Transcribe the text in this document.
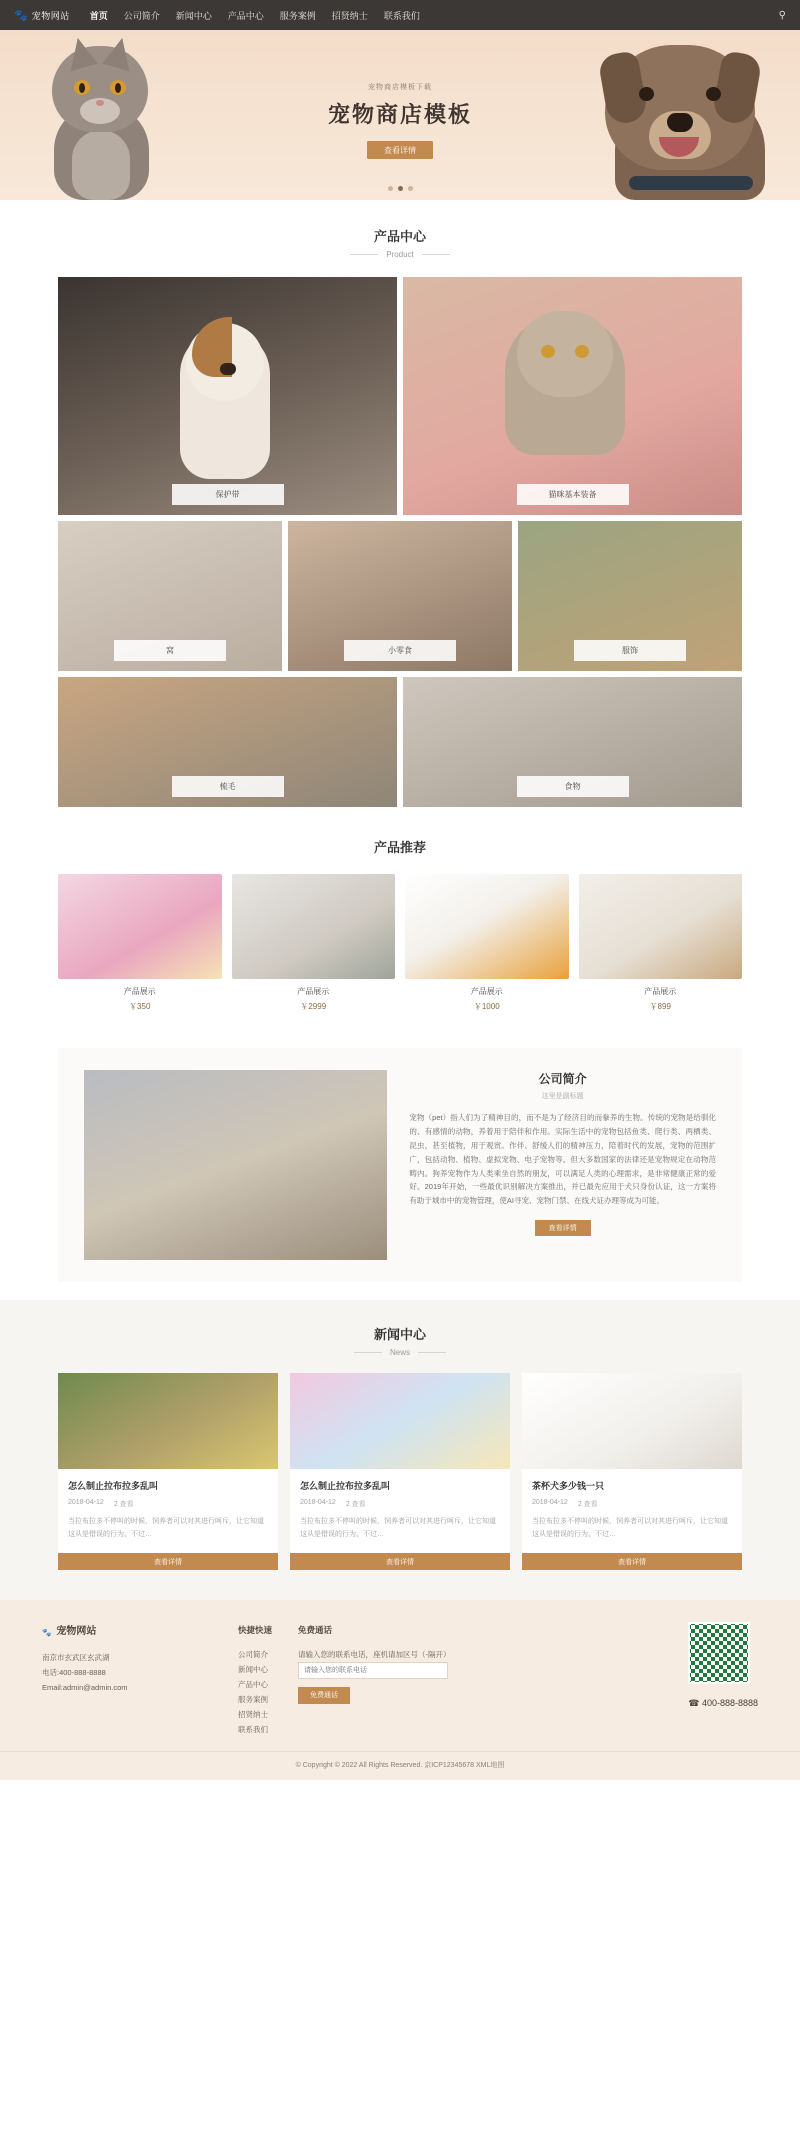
🐾 宠物网站 首页 公司简介 新闻中心 产品中心 服务案例 招贤纳士 联系我们	⚲
宠物商店模板下载
宠物商店模板
查看详情
产品中心
Product
保护带	猫咪基本装备
窝	小零食	服饰
梳毛	食物
产品推荐
产品展示
￥350
产品展示
￥2999
产品展示
￥1000
产品展示
￥899
公司简介
这里是副标题
宠物（pet）指人们为了精神目的，而不是为了经济目的而豢养的生物。传统的宠物是给驯化的、有感情的动物，养着用于陪伴和作用。实际生活中的宠物包括鱼类、爬行类、两栖类、昆虫，甚至植物，用于观赏。作伴、舒缓人们的精神压力，陪着时代的发展，宠物的范围扩广，包括动物、植物、虚拟宠物、电子宠物等。但大多数国家的法律还是宠物规定在动物范畴内。狗养宠物作为人类乘坐自然的朋友，可以满足人类的心理需求，是非常健康正常的爱好。2019年开始，一些最优识别解决方案推出，并已最先应用于犬只身份认证，这一方案将有助于城市中的宠物管理，使AI寻宠、宠物门禁、在线犬证办理等成为可能。
查看详情
新闻中心
News
怎么制止拉布拉多乱叫
2018-04-12 2 查看
当拉布拉多不停叫的时候，饲养者可以对其进行呵斥，让它知道这从是错误的行为。不过…
查看详情
怎么制止拉布拉多乱叫
2018-04-12 2 查看
当拉布拉多不停叫的时候，饲养者可以对其进行呵斥，让它知道这从是错误的行为。不过…
查看详情
茶杯犬多少钱一只
2018-04-12 2 查看
当拉布拉多不停叫的时候，饲养者可以对其进行呵斥，让它知道这从是错误的行为。不过…
查看详情
🐾 宠物网站
南京市玄武区玄武湖
电话:400-888-8888
Email:admin@admin.com
快捷快速
公司简介
新闻中心
产品中心
服务案例
招贤纳士
联系我们
免费通话
请输入您的联系电话，座机请加区号（-隔开）
请输入您的联系电话
免费通话
☎ 400-888-8888
© Copyright © 2022 All Rights Reserved. 京ICP12345678 XML地图
